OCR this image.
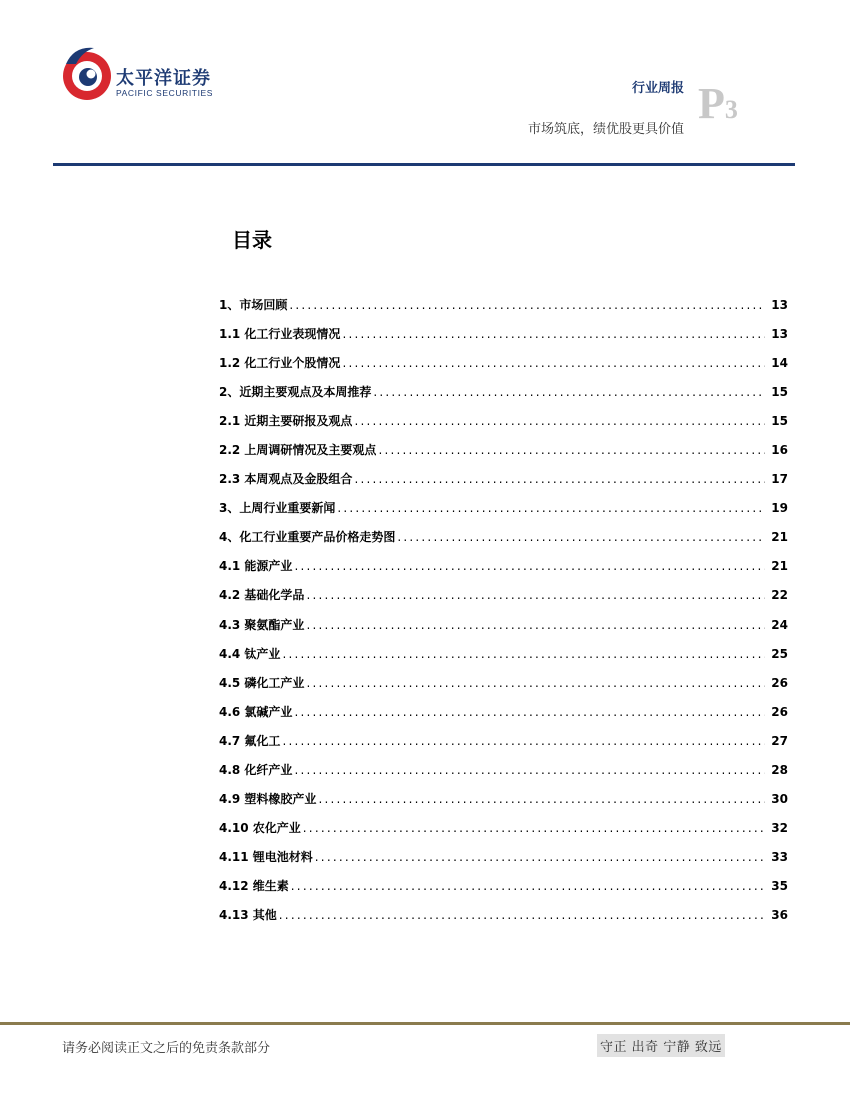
太平洋证券
PACIFIC SECURITIES	行业周报
市场筑底，绩优股更具价值
P3
目录
1、市场回顾 .....	13
1.1 化工行业表现情况 .....	13
1.2 化工行业个股情况 .....	14
2、近期主要观点及本周推荐 .....	15
2.1 近期主要研报及观点 .....	15
2.2 上周调研情况及主要观点 .....	16
2.3 本周观点及金股组合 .....	17
3、上周行业重要新闻 .....	19
4、化工行业重要产品价格走势图 .....	21
4.1 能源产业 .....	21
4.2 基础化学品 .....	22
4.3 聚氨酯产业 .....	24
4.4 钛产业 .....	25
4.5 磷化工产业 .....	26
4.6 氯碱产业 .....	26
4.7 氟化工 .....	27
4.8 化纤产业 .....	28
4.9 塑料橡胶产业 .....	30
4.10 农化产业 .....	32
4.11 锂电池材料 .....	33
4.12 维生素 .....	35
4.13 其他 .....	36
请务必阅读正文之后的免责条款部分	守正 出奇 宁静 致远
